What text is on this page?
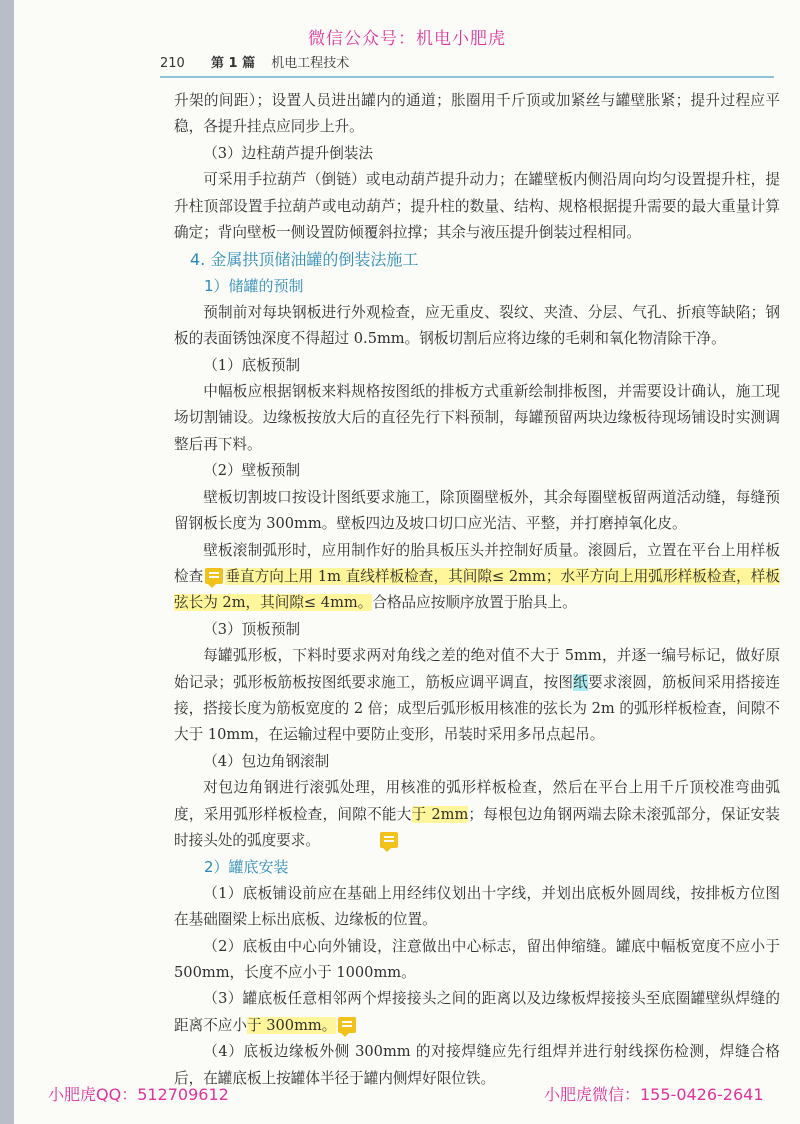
微信公众号：机电小肥虎
210 第 1 篇 机电工程技术

升架的间距）；设置人员进出罐内的通道；胀圈用千斤顶或加紧丝与罐壁胀紧；提升过程应平稳，各提升挂点应同步上升。

（3）边柱葫芦提升倒装法

可采用手拉葫芦（倒链）或电动葫芦提升动力；在罐壁板内侧沿周向均匀设置提升柱，提升柱顶部设置手拉葫芦或电动葫芦；提升柱的数量、结构、规格根据提升需要的最大重量计算确定；背向壁板一侧设置防倾覆斜拉撑；其余与液压提升倒装过程相同。

4. 金属拱顶储油罐的倒装法施工
1）储罐的预制

预制前对每块钢板进行外观检查，应无重皮、裂纹、夹渣、分层、气孔、折痕等缺陷；钢板的表面锈蚀深度不得超过 0.5mm。钢板切割后应将边缘的毛刺和氧化物清除干净。

（1）底板预制

中幅板应根据钢板来料规格按图纸的排板方式重新绘制排板图，并需要设计确认，施工现场切割铺设。边缘板按放大后的直径先行下料预制，每罐预留两块边缘板待现场铺设时实测调整后再下料。

（2）壁板预制

壁板切割坡口按设计图纸要求施工，除顶圈壁板外，其余每圈壁板留两道活动缝，每缝预留钢板长度为 300mm。壁板四边及坡口切口应光洁、平整，并打磨掉氧化皮。

壁板滚制弧形时，应用制作好的胎具板压头并控制好质量。滚圆后，立置在平台上用样板检查 垂直方向上用 1m 直线样板检查，其间隙≤ 2mm；水平方向上用弧形样板检查，样板弦长为 2m，其间隙≤ 4mm。合格品应按顺序放置于胎具上。

（3）顶板预制

每罐弧形板，下料时要求两对角线之差的绝对值不大于 5mm，并逐一编号标记，做好原始记录；弧形板筋板按图纸要求施工，筋板应调平调直，按图纸要求滚圆，筋板间采用搭接连接，搭接长度为筋板宽度的 2 倍；成型后弧形板用核准的弦长为 2m 的弧形样板检查，间隙不大于 10mm，在运输过程中要防止变形，吊装时采用多吊点起吊。

（4）包边角钢滚制

对包边角钢进行滚弧处理，用核准的弧形样板检查，然后在平台上用千斤顶校准弯曲弧度，采用弧形样板检查，间隙不能大于 2mm；每根包边角钢两端去除未滚弧部分，保证安装时接头处的弧度要求。

2）罐底安装

（1）底板铺设前应在基础上用经纬仪划出十字线，并划出底板外圆周线，按排板方位图在基础圈梁上标出底板、边缘板的位置。

（2）底板由中心向外铺设，注意做出中心标志，留出伸缩缝。罐底中幅板宽度不应小于 500mm，长度不应小于 1000mm。

（3）罐底板任意相邻两个焊接接头之间的距离以及边缘板焊接接头至底圈罐壁纵焊缝的距离不应小于 300mm。

（4）底板边缘板外侧 300mm 的对接焊缝应先行组焊并进行射线探伤检测，焊缝合格后，在罐底板上按罐体半径于罐内侧焊好限位铁。

小肥虎QQ：512709612	小肥虎微信：155-0426-2641
